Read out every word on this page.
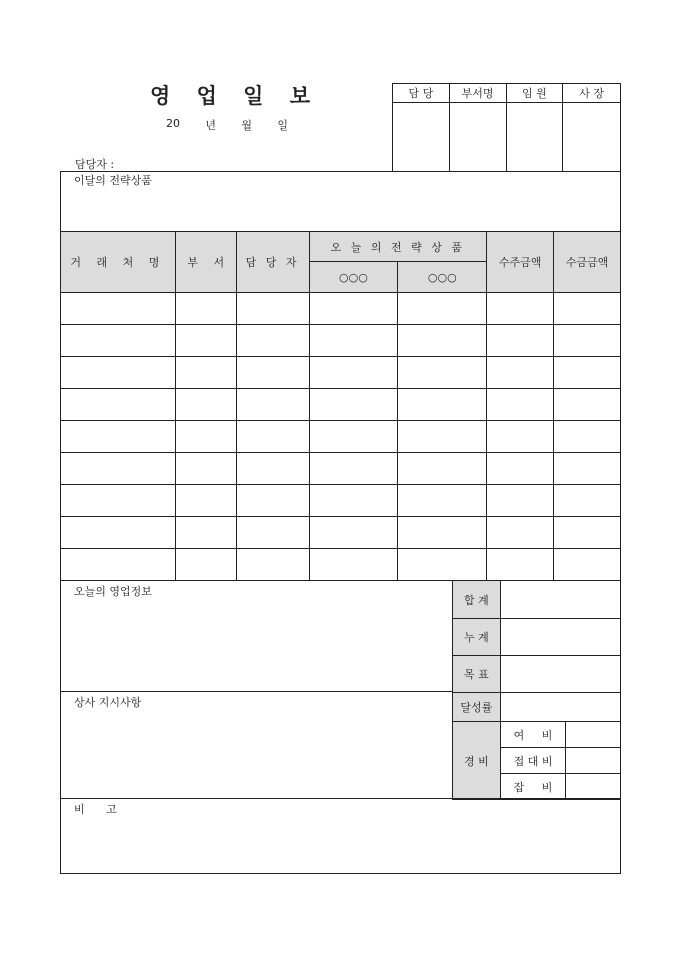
영 업 일 보
20 년 월 일
담당자 :
담 당	부서명	임 원	사 장

이달의 전략상품
거 래 처 명	부 서	담 당 자	오 늘 의 전 략 상 품		수주금액	수금금액
			○○○	○○○		

오늘의 영업정보
상사 지시사항
합 계		
누 계		
목 표		
달성률		
경 비	여 비	
	접 대 비	
	잡 비	
비 고
